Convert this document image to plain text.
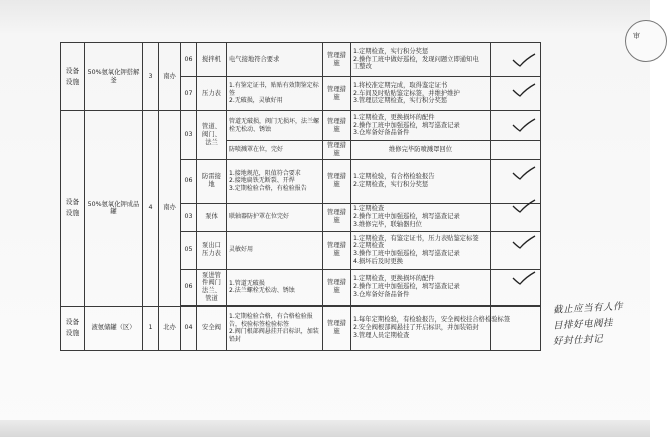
审
设备设施	50%氨氧化钾搭解釜	3	南办	06	搅拌机	电气接地符合要求	管理措施	1.定期检查，实行积分奖惩
2.操作工班中做好巡检，发现问题立即通知电
工整改	

				07	压力表	1.有鉴定证书，贴贴有效期鉴定标签
2.无破损，灵敏好用	管理措施	1.将校准定期完成，取得鉴定证书
2.车间及时贴贴鉴定标签，并维护维护
3.管理层定期检查，实行积分奖惩	

设备设施	50%氨氧化钾成品罐	4	南办	03	管道、阀门、法兰	管道无破损，阀门无损坏，法兰螺栓无松动、锈蚀	管理措施	1.定期检查，更换损坏的配件
2.操作工班中加强巡检，填写巡查记录
3.仓库备好备品备件	

						防喷溅罩在位，完好	管理措施	维修完毕防喷溅罩回位	

				06	防雷接地	1.接地规范，阻值符合要求
2.接地扁铁无断裂、开焊
3.定期检验合格，有检验报告	管理措施	1.定期检验，有合格检验报告
2.定期检查，实行积分奖惩	

				03	泵体	联轴器防护罩在位完好	管理措施	1.定期检查
2.操作工班中加强巡检，填写巡查记录
3.维修完毕，联轴器归位	

				05	泵出口压力表	灵敏好用	管理措施	1.定期检查，有鉴定证书，压力表贴鉴定标签
2.定期检查
3.操作工班中加强巡检，填写巡查记录
4.损坏后及时更换	

				06	泵进管件阀门法兰、管道	1.管道无破损
2.法兰螺栓无松动、锈蚀	管理措施	1.定期检查，更换损坏的配件
2.操作工班中加强巡检，填写巡查记录
3.仓库备好备品备件	

设备设施	液氨储罐（区）	1	北办	04	安全阀	1.定期检验合格，有合格检验报告，校验标签检验标签
2.阀门根部阀悬挂开启标识，加装铅封	管理措施	1.每年定期检验，有检验报告，安全阀校挂合格检验标签
2.安全阀根部阀悬挂了开启标识，并加装铅封
3.管理人员定期检查	

截止应当有人作
目排好电阀挂
好封仕封记
